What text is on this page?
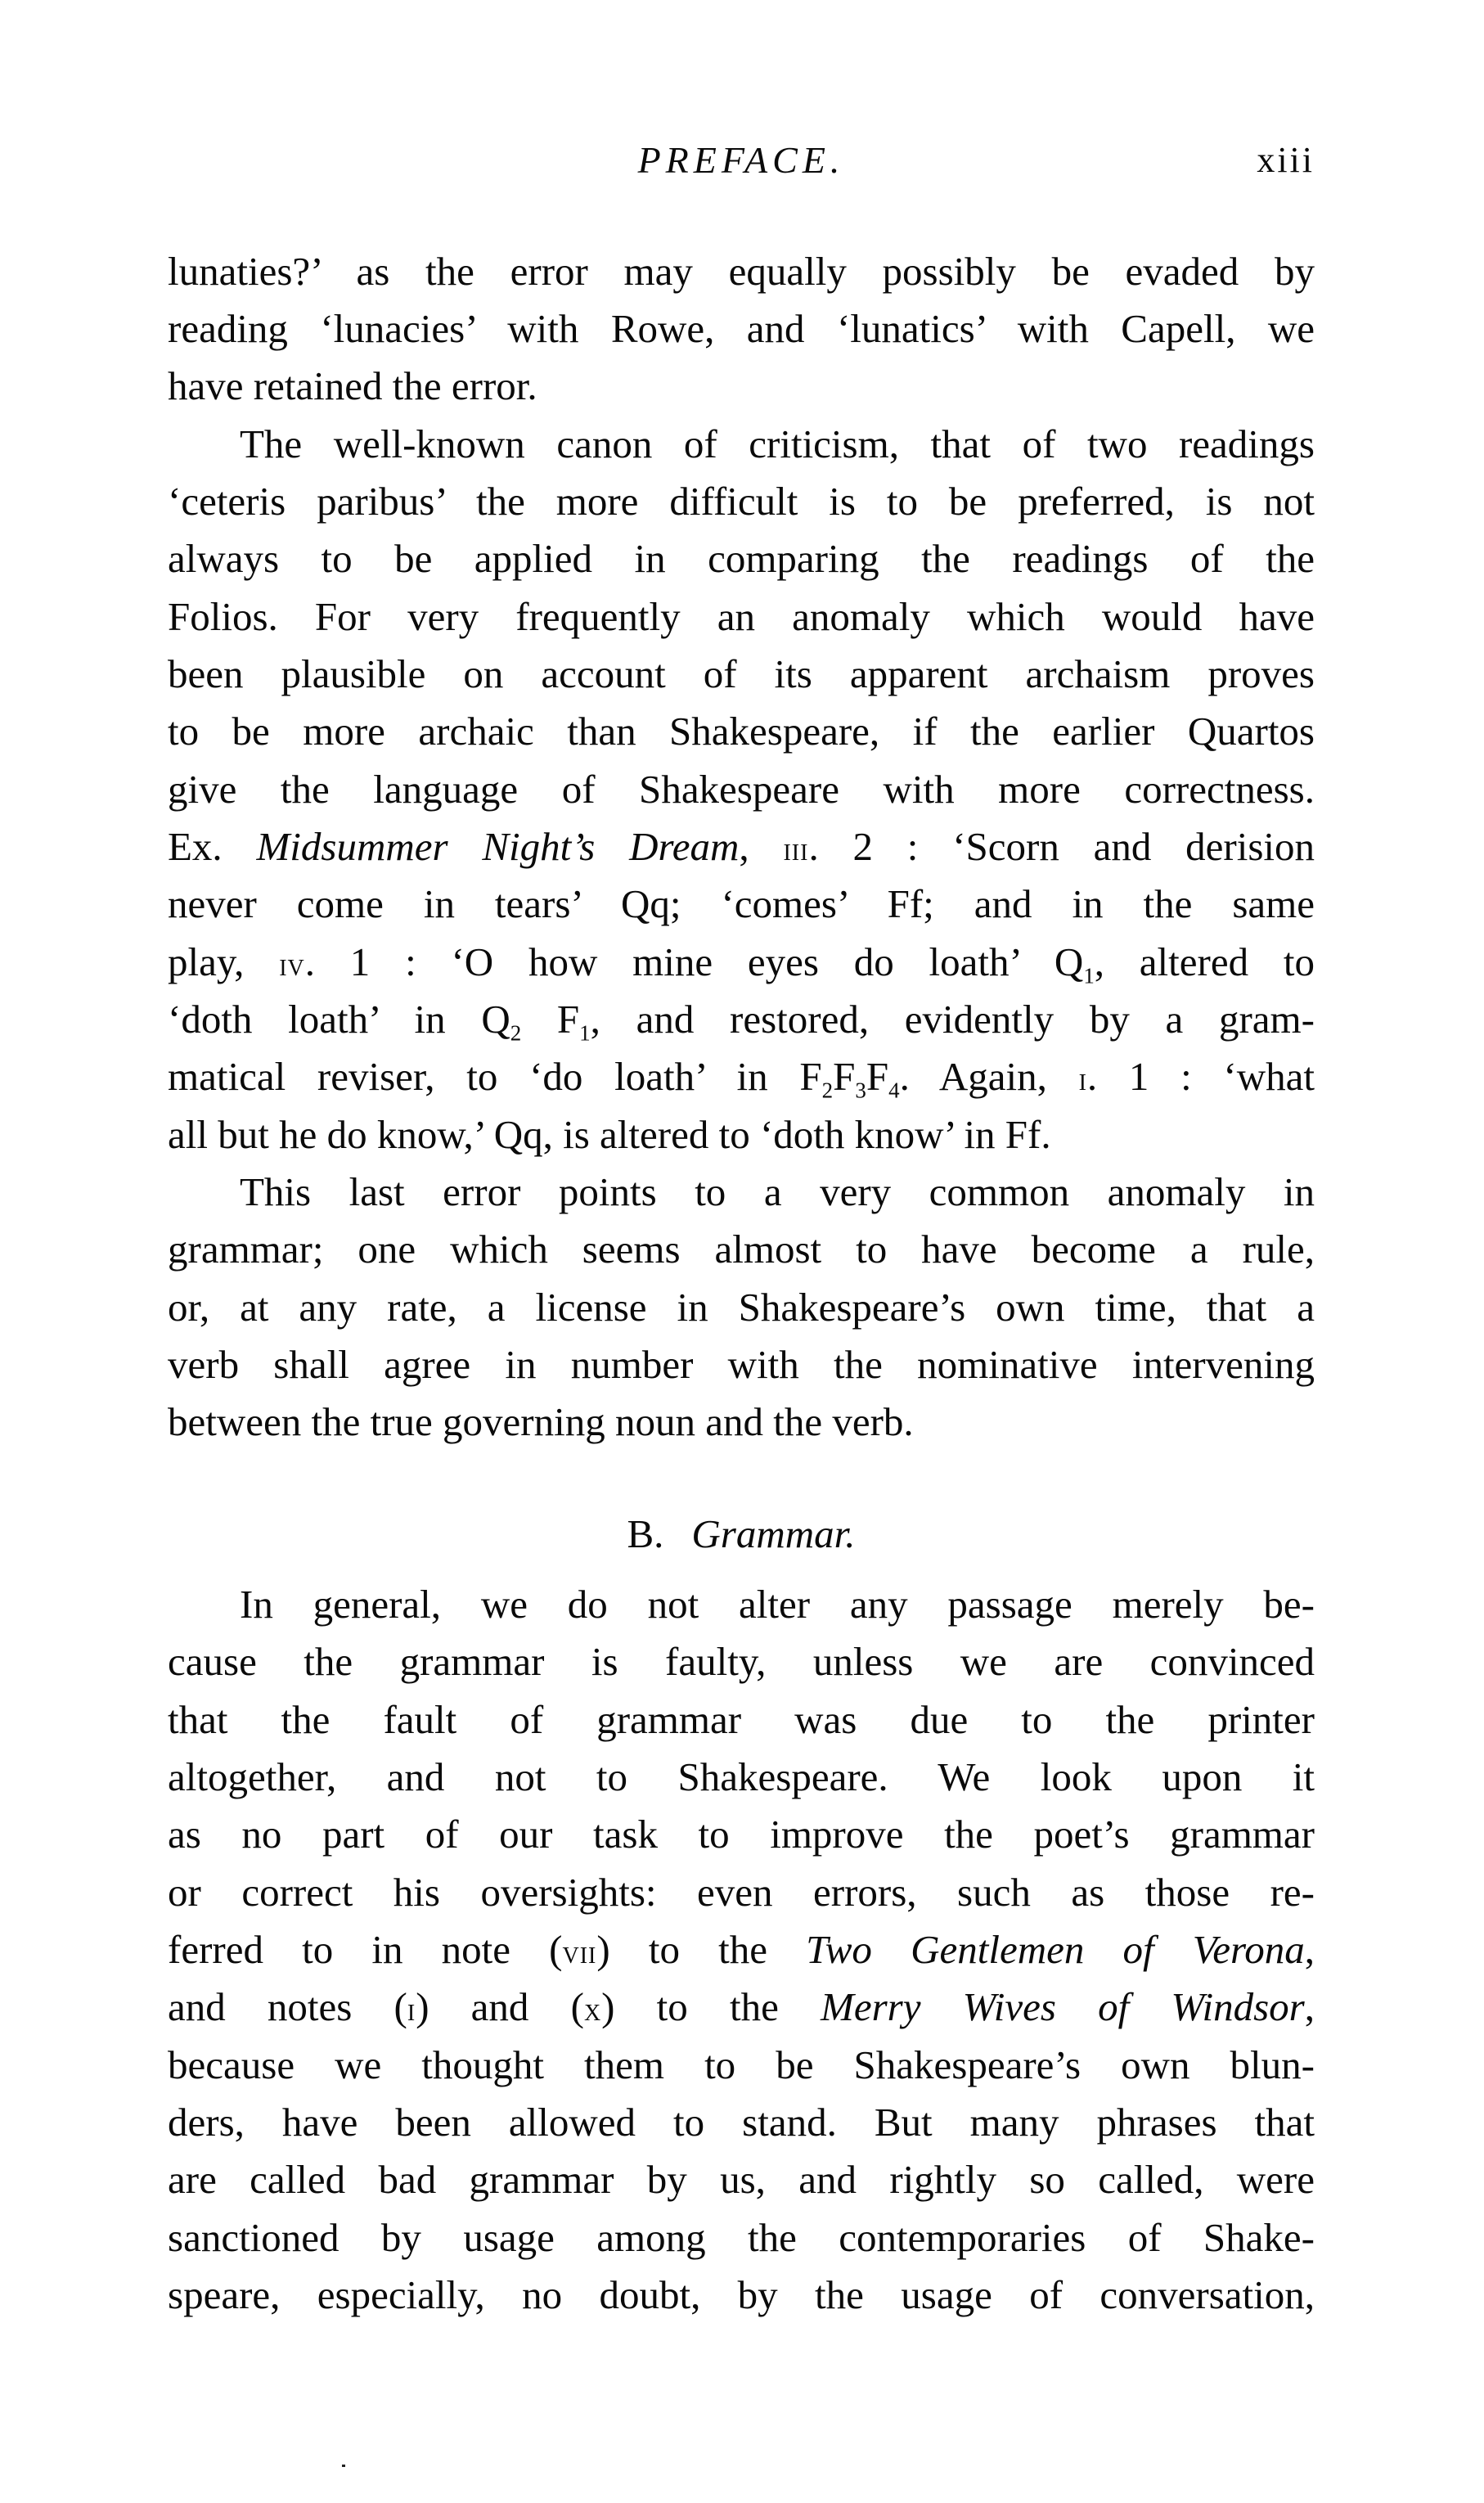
PREFACE.	xiii
lunaties?’ as the error may equally possibly be evaded by
reading ‘lunacies’ with Rowe, and ‘lunatics’ with Capell, we
have retained the error.
The well-known canon of criticism, that of two readings
‘ceteris paribus’ the more difficult is to be preferred, is not
always to be applied in comparing the readings of the
Folios. For very frequently an anomaly which would have
been plausible on account of its apparent archaism proves
to be more archaic than Shakespeare, if the earlier Quartos
give the language of Shakespeare with more correctness.
Ex. Midsummer Night’s Dream, iii. 2 : ‘Scorn and derision
never come in tears’ Qq; ‘comes’ Ff; and in the same
play, iv. 1 : ‘O how mine eyes do loath’ Q1, altered to
‘doth loath’ in Q2 F1, and restored, evidently by a gram-
matical reviser, to ‘do loath’ in F2F3F4. Again, i. 1 : ‘what
all but he do know,’ Qq, is altered to ‘doth know’ in Ff.
This last error points to a very common anomaly in
grammar; one which seems almost to have become a rule,
or, at any rate, a license in Shakespeare’s own time, that a
verb shall agree in number with the nominative intervening
between the true governing noun and the verb.
In general, we do not alter any passage merely be-
cause the grammar is faulty, unless we are convinced
that the fault of grammar was due to the printer
altogether, and not to Shakespeare. We look upon it
as no part of our task to improve the poet’s grammar
or correct his oversights: even errors, such as those re-
ferred to in note (vii) to the Two Gentlemen of Verona,
and notes (i) and (x) to the Merry Wives of Windsor,
because we thought them to be Shakespeare’s own blun-
ders, have been allowed to stand. But many phrases that
are called bad grammar by us, and rightly so called, were
sanctioned by usage among the contemporaries of Shake-
speare, especially, no doubt, by the usage of conversation,
B. Grammar.
